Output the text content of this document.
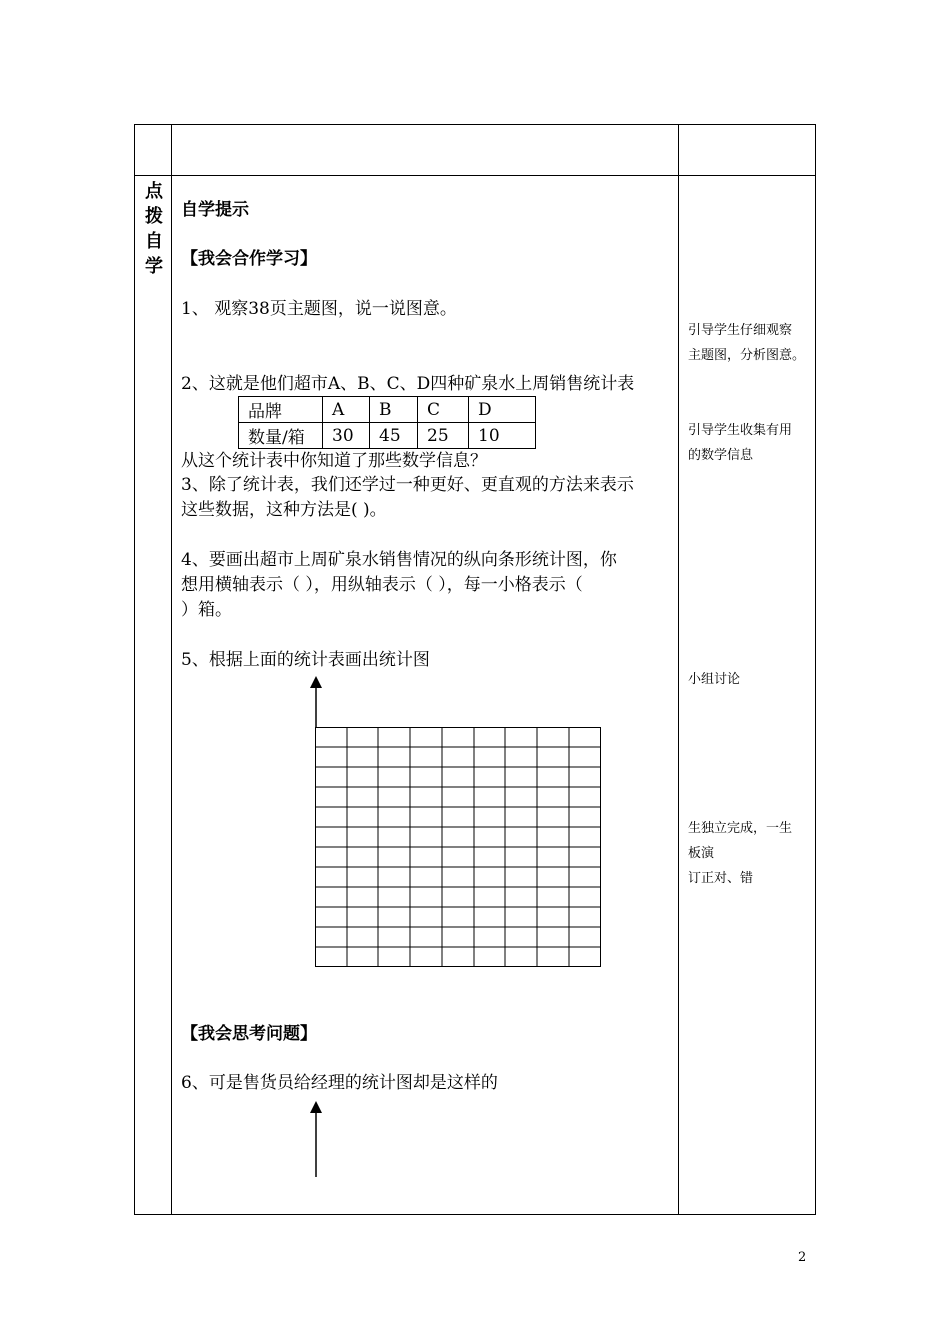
点
拨
自
学
自学提示
【我会合作学习】
1、 观察38页主题图，说一说图意。
2、这就是他们超市A、B、C、D四种矿泉水上周销售统计表
品牌	A	B	C	D
数量/箱	30	45	25	10
从这个统计表中你知道了那些数学信息？
3、除了统计表，我们还学过一种更好、更直观的方法来表示
这些数据，这种方法是( )。
4、要画出超市上周矿泉水销售情况的纵向条形统计图，你
想用横轴表示（ ），用纵轴表示（ ），每一小格表示（
）箱。
5、根据上面的统计表画出统计图
【我会思考问题】
6、可是售货员给经理的统计图却是这样的
引导学生仔细观察
主题图，分析图意。
引导学生收集有用
的数学信息
小组讨论
生独立完成，一生
板演
订正对、错
2
